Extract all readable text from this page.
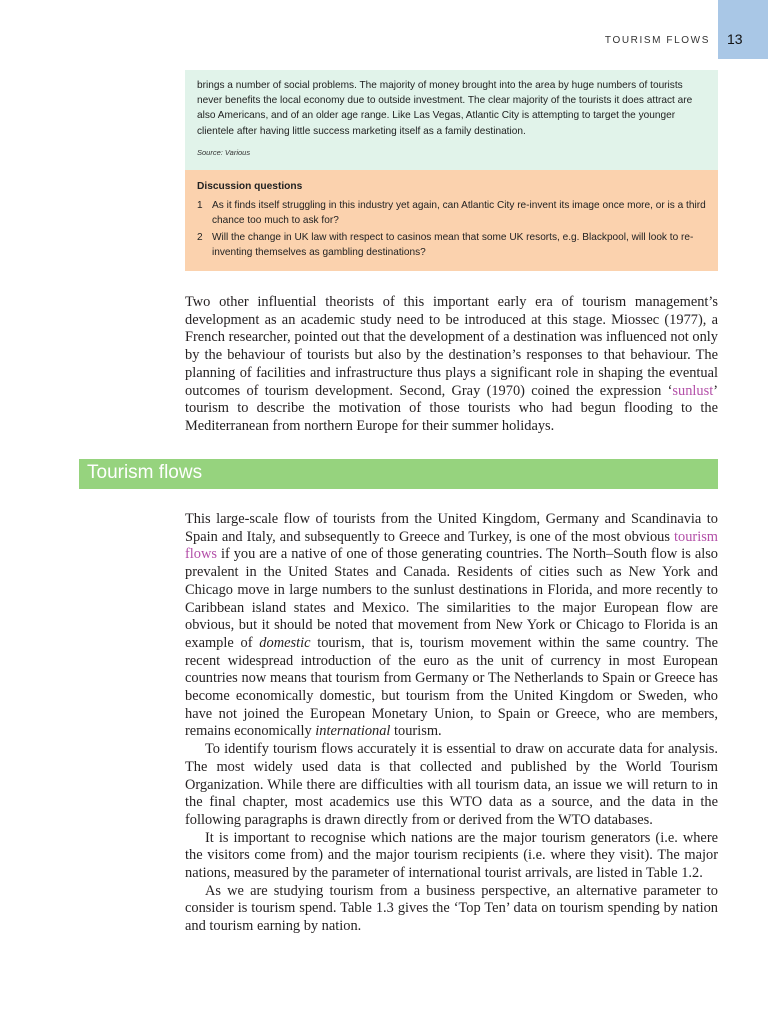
TOURISM FLOWS	13

brings a number of social problems. The majority of money brought into the area by huge numbers of tourists never benefits the local economy due to outside investment. The clear majority of the tourists it does attract are also Americans, and of an older age range. Like Las Vegas, Atlantic City is attempting to target the younger clientele after having little success marketing itself as a family destination.

Source: Various

Discussion questions

1 As it finds itself struggling in this industry yet again, can Atlantic City re-invent its image once more, or is a third chance too much to ask for?
2 Will the change in UK law with respect to casinos mean that some UK resorts, e.g. Blackpool, will look to re-inventing themselves as gambling destinations?

Two other influential theorists of this important early era of tourism management’s development as an academic study need to be introduced at this stage. Miossec (1977), a French researcher, pointed out that the development of a destination was influenced not only by the behaviour of tourists but also by the destination’s responses to that behaviour. The planning of facilities and infrastructure thus plays a significant role in shaping the eventual outcomes of tourism development. Second, Gray (1970) coined the expression ‘sunlust’ tourism to describe the motivation of those tourists who had begun flooding to the Mediterranean from northern Europe for their summer holidays.

Tourism flows

This large-scale flow of tourists from the United Kingdom, Germany and Scandinavia to Spain and Italy, and subsequently to Greece and Turkey, is one of the most obvious tourism flows if you are a native of one of those generating countries. The North–South flow is also prevalent in the United States and Canada. Residents of cities such as New York and Chicago move in large numbers to the sunlust destinations in Florida, and more recently to Caribbean island states and Mexico. The similarities to the major European flow are obvious, but it should be noted that movement from New York or Chicago to Florida is an example of domestic tourism, that is, tourism movement within the same country. The recent widespread introduction of the euro as the unit of currency in most European countries now means that tourism from Germany or The Netherlands to Spain or Greece has become economically domestic, but tourism from the United Kingdom or Sweden, who have not joined the European Monetary Union, to Spain or Greece, who are members, remains economically international tourism.

To identify tourism flows accurately it is essential to draw on accurate data for analysis. The most widely used data is that collected and published by the World Tourism Organization. While there are difficulties with all tourism data, an issue we will return to in the final chapter, most academics use this WTO data as a source, and the data in the following paragraphs is drawn directly from or derived from the WTO databases.

It is important to recognise which nations are the major tourism generators (i.e. where the visitors come from) and the major tourism recipients (i.e. where they visit). The major nations, measured by the parameter of international tourist arrivals, are listed in Table 1.2.

As we are studying tourism from a business perspective, an alternative parameter to consider is tourism spend. Table 1.3 gives the ‘Top Ten’ data on tourism spending by nation and tourism earning by nation.
